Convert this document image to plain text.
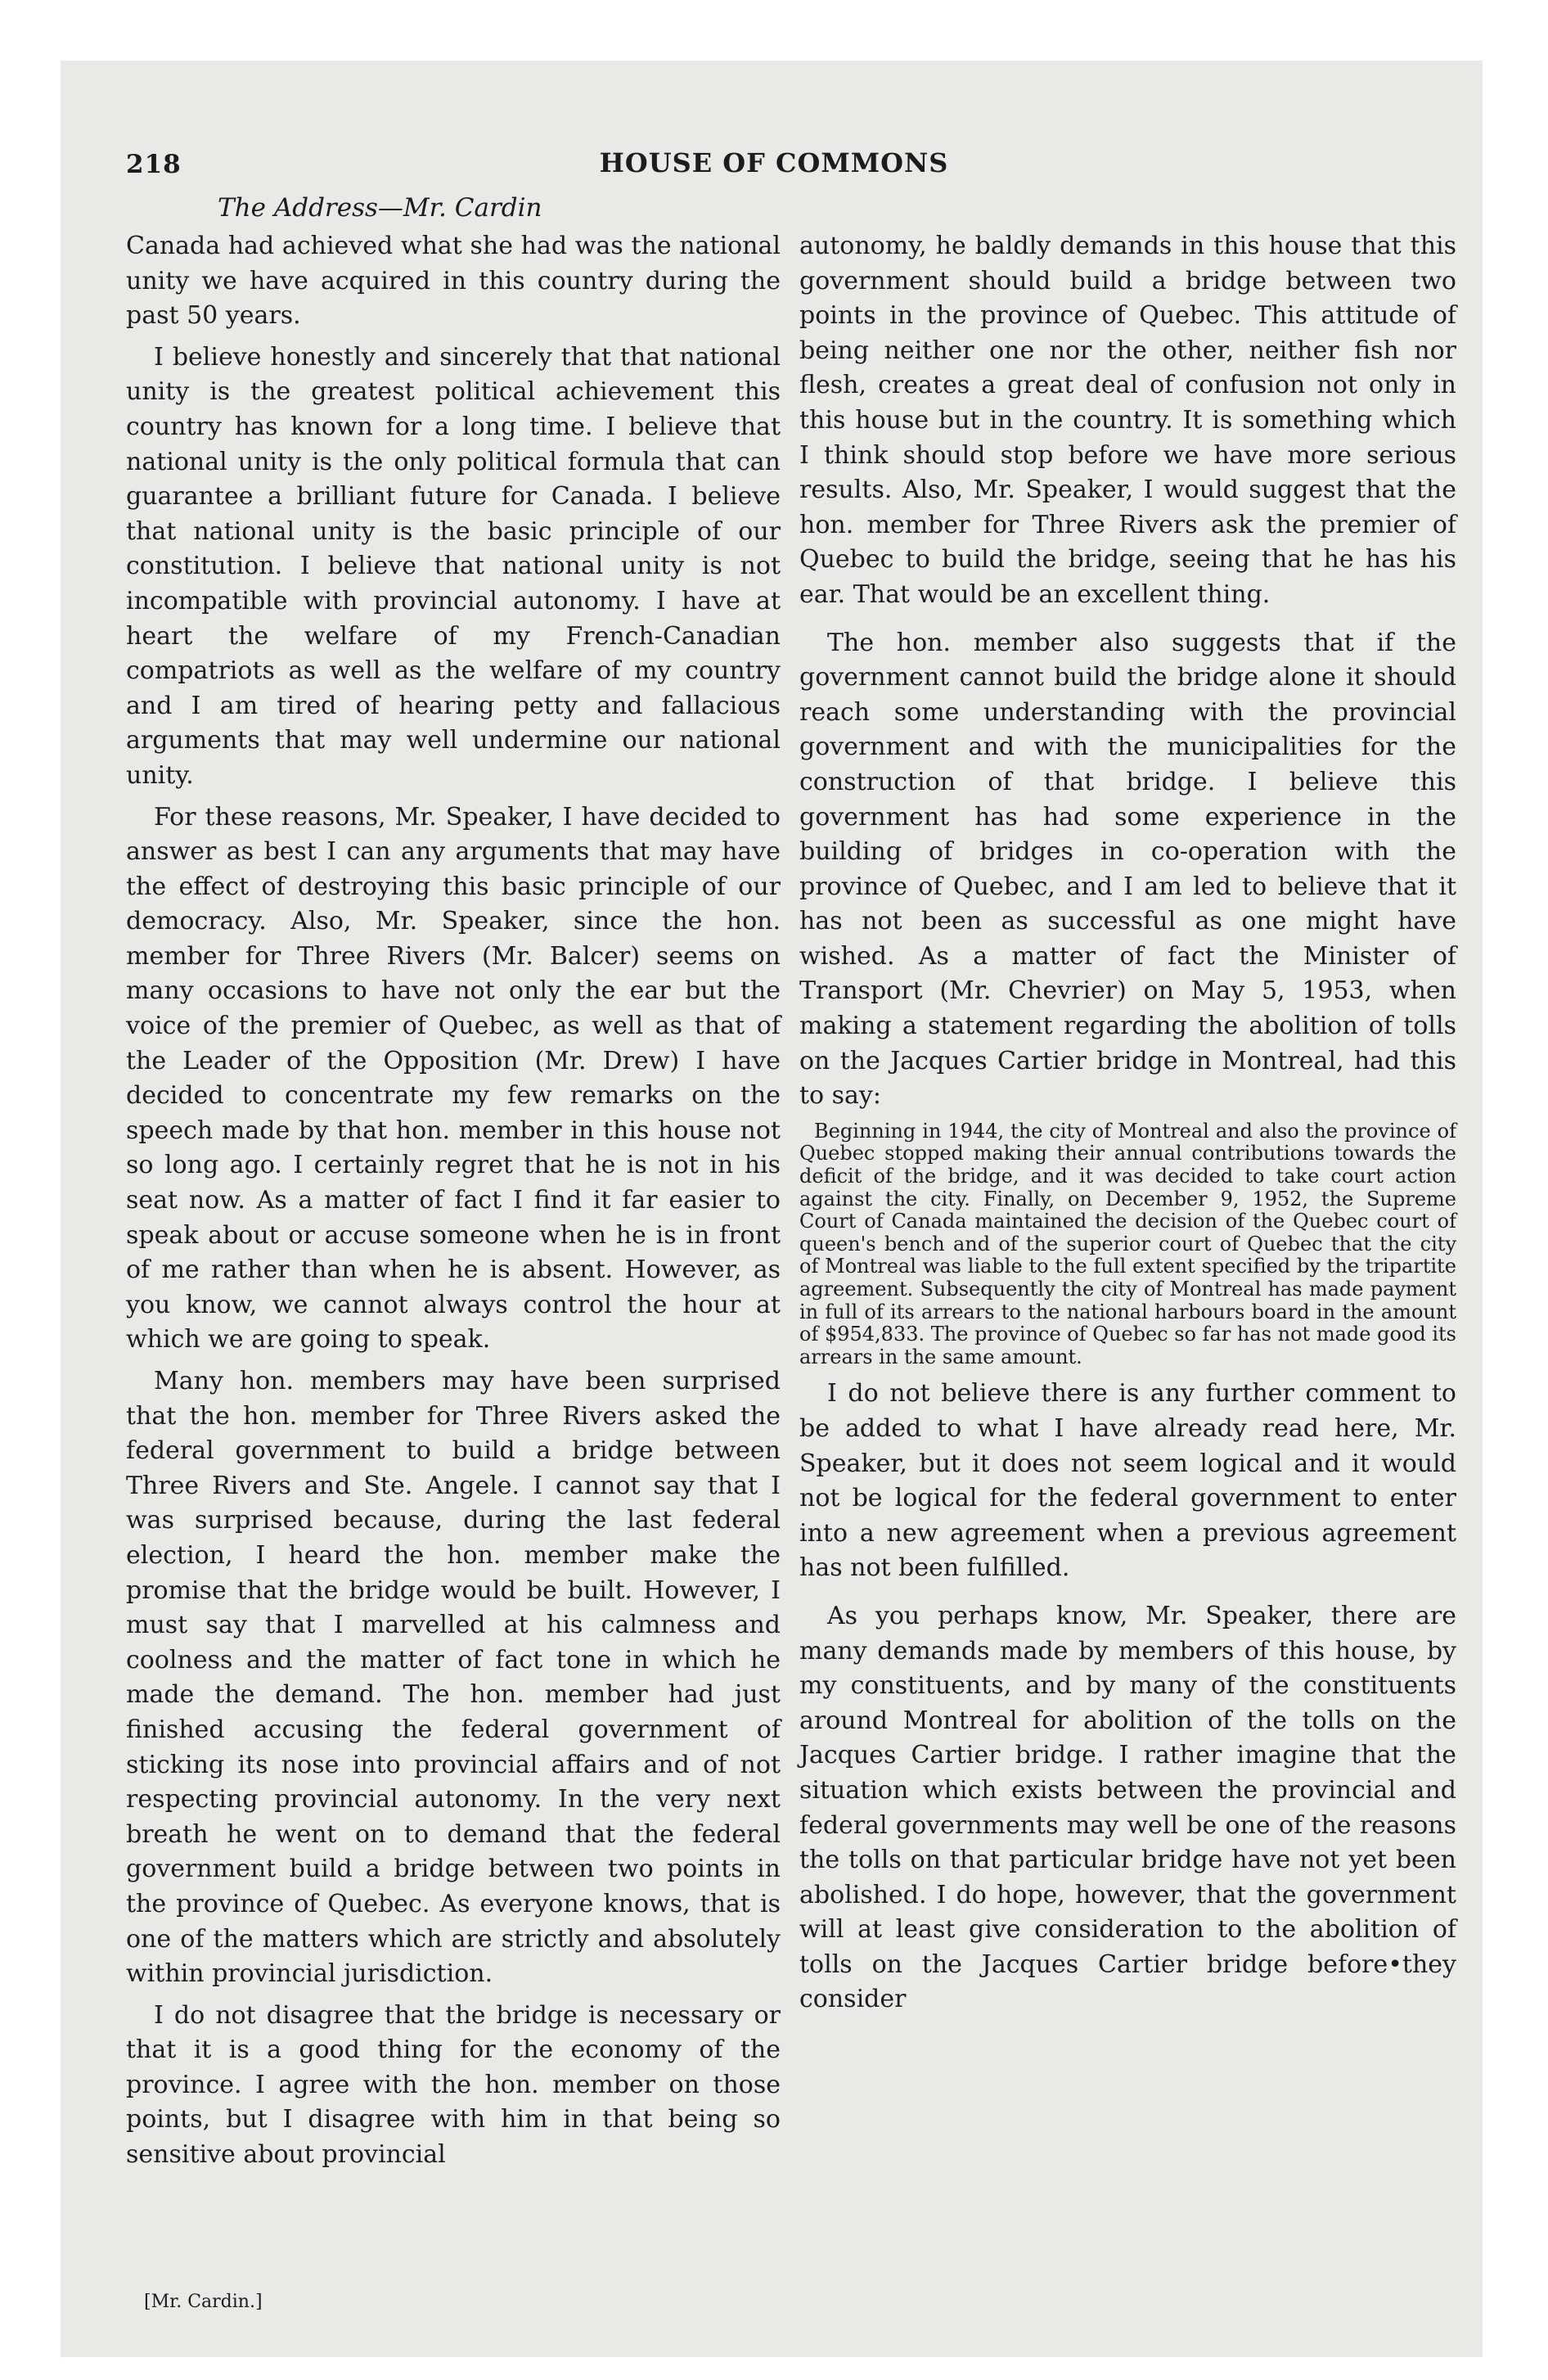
218	HOUSE OF COMMONS
The Address—Mr. Cardin

Canada had achieved what she had was the national unity we have acquired in this country during the past 50 years.

I believe honestly and sincerely that that national unity is the greatest political achievement this country has known for a long time. I believe that national unity is the only political formula that can guarantee a brilliant future for Canada. I believe that national unity is the basic principle of our constitution. I believe that national unity is not incompatible with provincial autonomy. I have at heart the welfare of my French-Canadian compatriots as well as the welfare of my country and I am tired of hearing petty and fallacious arguments that may well undermine our national unity.

For these reasons, Mr. Speaker, I have decided to answer as best I can any arguments that may have the effect of destroying this basic principle of our democracy. Also, Mr. Speaker, since the hon. member for Three Rivers (Mr. Balcer) seems on many occasions to have not only the ear but the voice of the premier of Quebec, as well as that of the Leader of the Opposition (Mr. Drew) I have decided to concentrate my few remarks on the speech made by that hon. member in this house not so long ago. I certainly regret that he is not in his seat now. As a matter of fact I find it far easier to speak about or accuse someone when he is in front of me rather than when he is absent. However, as you know, we cannot always control the hour at which we are going to speak.

Many hon. members may have been surprised that the hon. member for Three Rivers asked the federal government to build a bridge between Three Rivers and Ste. Angele. I cannot say that I was surprised because, during the last federal election, I heard the hon. member make the promise that the bridge would be built. However, I must say that I marvelled at his calmness and coolness and the matter of fact tone in which he made the demand. The hon. member had just finished accusing the federal government of sticking its nose into provincial affairs and of not respecting provincial autonomy. In the very next breath he went on to demand that the federal government build a bridge between two points in the province of Quebec. As everyone knows, that is one of the matters which are strictly and absolutely within provincial jurisdiction.

I do not disagree that the bridge is necessary or that it is a good thing for the economy of the province. I agree with the hon. member on those points, but I disagree with him in that being so sensitive about provincial

autonomy, he baldly demands in this house that this government should build a bridge between two points in the province of Quebec. This attitude of being neither one nor the other, neither fish nor flesh, creates a great deal of confusion not only in this house but in the country. It is something which I think should stop before we have more serious results. Also, Mr. Speaker, I would suggest that the hon. member for Three Rivers ask the premier of Quebec to build the bridge, seeing that he has his ear. That would be an excellent thing.

The hon. member also suggests that if the government cannot build the bridge alone it should reach some understanding with the provincial government and with the municipalities for the construction of that bridge. I believe this government has had some experience in the building of bridges in co-operation with the province of Quebec, and I am led to believe that it has not been as successful as one might have wished. As a matter of fact the Minister of Transport (Mr. Chevrier) on May 5, 1953, when making a statement regarding the abolition of tolls on the Jacques Cartier bridge in Montreal, had this to say:

Beginning in 1944, the city of Montreal and also the province of Quebec stopped making their annual contributions towards the deficit of the bridge, and it was decided to take court action against the city. Finally, on December 9, 1952, the Supreme Court of Canada maintained the decision of the Quebec court of queen's bench and of the superior court of Quebec that the city of Montreal was liable to the full extent specified by the tripartite agreement. Subsequently the city of Montreal has made payment in full of its arrears to the national harbours board in the amount of $954,833. The province of Quebec so far has not made good its arrears in the same amount.

I do not believe there is any further comment to be added to what I have already read here, Mr. Speaker, but it does not seem logical and it would not be logical for the federal government to enter into a new agreement when a previous agreement has not been fulfilled.

As you perhaps know, Mr. Speaker, there are many demands made by members of this house, by my constituents, and by many of the constituents around Montreal for abolition of the tolls on the Jacques Cartier bridge. I rather imagine that the situation which exists between the provincial and federal governments may well be one of the reasons the tolls on that particular bridge have not yet been abolished. I do hope, however, that the government will at least give consideration to the abolition of tolls on the Jacques Cartier bridge before•they consider

[Mr. Cardin.]
